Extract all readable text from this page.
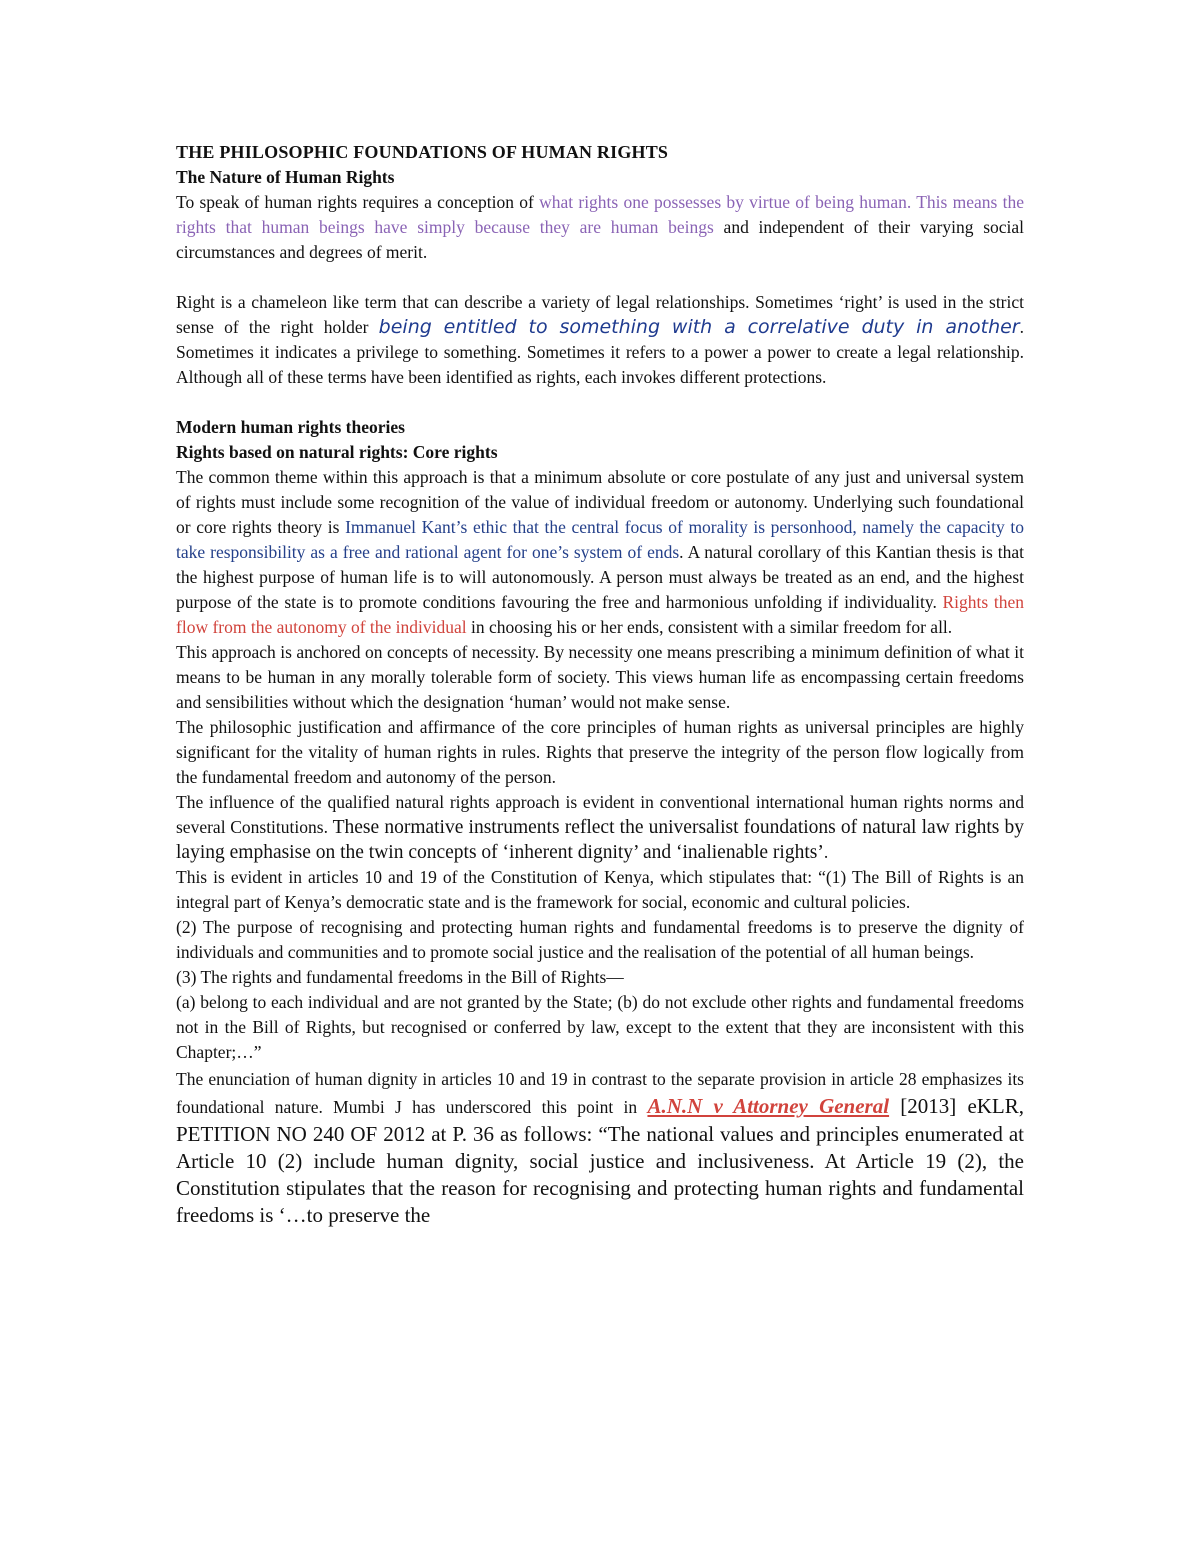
THE PHILOSOPHIC FOUNDATIONS OF HUMAN RIGHTS
The Nature of Human Rights

To speak of human rights requires a conception of what rights one possesses by virtue of being human. This means the rights that human beings have simply because they are human beings and independent of their varying social circumstances and degrees of merit.

Right is a chameleon like term that can describe a variety of legal relationships. Sometimes ‘right’ is used in the strict sense of the right holder being entitled to something with a correlative duty in another. Sometimes it indicates a privilege to something. Sometimes it refers to a power a power to create a legal relationship. Although all of these terms have been identified as rights, each invokes different protections.

Modern human rights theories
Rights based on natural rights: Core rights

The common theme within this approach is that a minimum absolute or core postulate of any just and universal system of rights must include some recognition of the value of individual freedom or autonomy. Underlying such foundational or core rights theory is Immanuel Kant’s ethic that the central focus of morality is personhood, namely the capacity to take responsibility as a free and rational agent for one’s system of ends. A natural corollary of this Kantian thesis is that the highest purpose of human life is to will autonomously. A person must always be treated as an end, and the highest purpose of the state is to promote conditions favouring the free and harmonious unfolding if individuality. Rights then flow from the autonomy of the individual in choosing his or her ends, consistent with a similar freedom for all.

This approach is anchored on concepts of necessity. By necessity one means prescribing a minimum definition of what it means to be human in any morally tolerable form of society. This views human life as encompassing certain freedoms and sensibilities without which the designation ‘human’ would not make sense.

The philosophic justification and affirmance of the core principles of human rights as universal principles are highly significant for the vitality of human rights in rules. Rights that preserve the integrity of the person flow logically from the fundamental freedom and autonomy of the person.

The influence of the qualified natural rights approach is evident in conventional international human rights norms and several Constitutions. These normative instruments reflect the universalist foundations of natural law rights by laying emphasise on the twin concepts of ‘inherent dignity’ and ‘inalienable rights’.

This is evident in articles 10 and 19 of the Constitution of Kenya, which stipulates that: “(1) The Bill of Rights is an integral part of Kenya’s democratic state and is the framework for social, economic and cultural policies.

(2) The purpose of recognising and protecting human rights and fundamental freedoms is to preserve the dignity of individuals and communities and to promote social justice and the realisation of the potential of all human beings.

(3) The rights and fundamental freedoms in the Bill of Rights—

(a) belong to each individual and are not granted by the State; (b) do not exclude other rights and fundamental freedoms not in the Bill of Rights, but recognised or conferred by law, except to the extent that they are inconsistent with this Chapter;…”

The enunciation of human dignity in articles 10 and 19 in contrast to the separate provision in article 28 emphasizes its foundational nature. Mumbi J has underscored this point in A.N.N v Attorney General [2013] eKLR, PETITION NO 240 OF 2012 at P. 36 as follows: “The national values and principles enumerated at Article 10 (2) include human dignity, social justice and inclusiveness. At Article 19 (2), the Constitution stipulates that the reason for recognising and protecting human rights and fundamental freedoms is ‘…to preserve the
